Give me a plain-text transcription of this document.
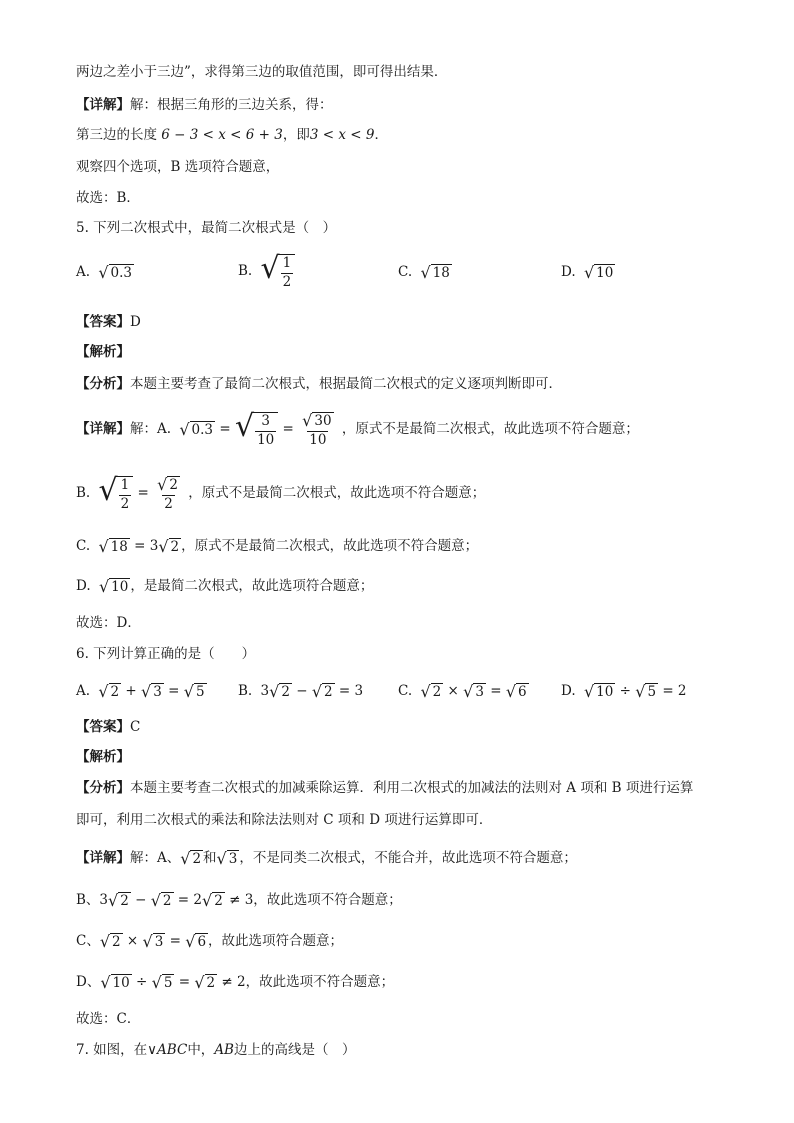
两边之差小于三边”，求得第三边的取值范围，即可得出结果．
【详解】解：根据三角形的三边关系，得：
第三边的长度 6 − 3 < x < 6 + 3，即3 < x < 9．
观察四个选项，B 选项符合题意，
故选：B．
5. 下列二次根式中，最简二次根式是（　）
A. √ 0.3	B. √ $\frac{1}{2}$	C. √ 18	D. √ 10
【答案】D
【解析】
【分析】本题主要考查了最简二次根式，根据最简二次根式的定义逐项判断即可．
【详解】解：A. √ 0.3 = √ $\frac{3}{10} = \frac{√ 30}{10}$ ，原式不是最简二次根式，故此选项不符合题意；
B. √ $\frac{1}{2} = \frac{√ 2}{2}$ ，原式不是最简二次根式，故此选项不符合题意；
C. √ 18 = 3 √ 2 ，原式不是最简二次根式，故此选项不符合题意；
D. √ 10 ，是最简二次根式，故此选项符合题意；
故选：D．
6. 下列计算正确的是（　　）
A. √ 2 + √ 3 = √ 5 B. 3 √ 2 − √ 2 = 3	C. √ 2 × √ 3 = √ 6	D. √ 10 ÷ √ 5 = 2
【答案】C
【解析】
【分析】本题主要考查二次根式的加减乘除运算．利用二次根式的加减法的法则对 A 项和 B 项进行运算
即可，利用二次根式的乘法和除法法则对 C 项和 D 项进行运算即可．
【详解】解：A、 √ 2 和 √ 3 ，不是同类二次根式，不能合并，故此选项不符合题意；
B、3 √ 2 − √ 2 = 2 √ 2 ≠ 3，故此选项不符合题意；
C、 √ 2 × √ 3 = √ 6 ，故此选项符合题意；
D、 √ 10 ÷ √ 5 = √ 2 ≠ 2，故此选项不符合题意；
故选：C．
7. 如图，在∨ABC中，AB边上的高线是（　）
